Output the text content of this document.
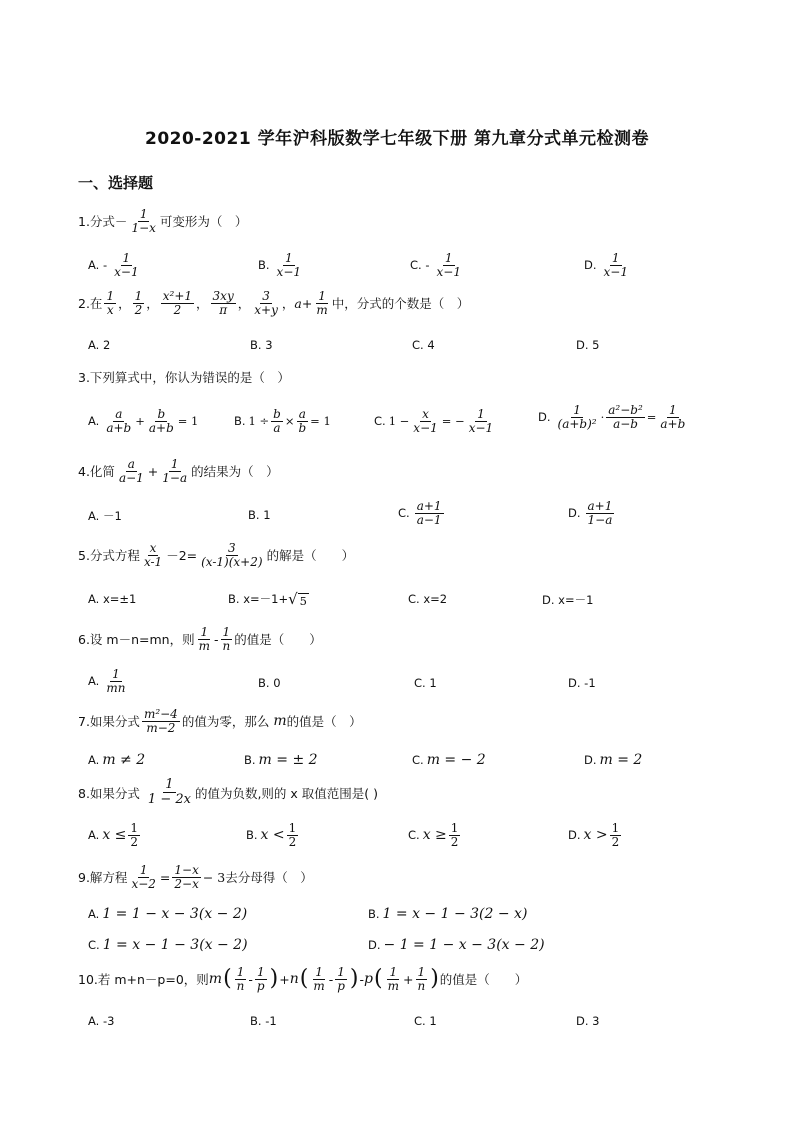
2020-2021 学年沪科版数学七年级下册 第九章分式单元检测卷
一、选择题
1.分式－ $\frac{1}{1-x}$ 可变形为（　）
A. - $\frac{1}{x-1}$	B. $\frac{1}{x-1}$	C. - $\frac{1}{x-1}$	D. $\frac{1}{x-1}$
2.在 $\frac{1}{x}$ ， $\frac{1}{2}$ ， $\frac{\text{x²+1}}{2}$ ， $\frac{3xy}{\pi}$ ， $\frac{3}{x+y}$ ， $a+ \frac{1}{m}$ 中，分式的个数是（　）
A. 2	B. 3	C. 4	D. 5
3.下列算式中，你认为错误的是（　）
A. $\frac{a}{a+b} + \frac{b}{a+b} = 1$	B. $1 \div \frac{b}{a} \times \frac{a}{b} = 1$	C. $1 - \frac{x}{x-1}$ = − $\frac{1}{x-1}$	D. $\frac{1}{\text{(a+b)²}} \cdot \frac{\text{a²−b²}}{a-b} = \frac{1}{a+b}$
4.化简 $\frac{a}{a-1} + \frac{1}{1-a}$ 的结果为（　）
A. －1	B. 1	C. $\frac{a+1}{a-1}$	D. $\frac{a+1}{1-a}$
5.分式方程 $\frac{x}{x-1} -2= \frac{3}{(x-1)(x+2)}$ 的解是（　　）
A. x=±1	B. x=－1+ √ 5	C. x=2	D. x=－1
6.设 m－n=mn，则 $\frac{1}{m} - \frac{1}{n}$ 的值是（　　）
A. $\frac{1}{mn}$	B. 0	C. 1	D. -1
7.如果分式 $\frac{\text{m²−4}}{m-2}$ 的值为零，那么
m 的值是（　）
A. m ≠ 2	B. m = ± 2	C. m = − 2	D. m = 2
8.如果分式
$\frac{1}{1 - 2x}$ 的值为负数,则的 x 取值范围是( )
A. $x \le \frac{1}{2}$	B. $x < \frac{1}{2}$	C. $x \ge \frac{1}{2}$	D. $x > \frac{1}{2}$
9.解方程 $\frac{1}{x-2} = \frac{1-x}{2-x} - 3$ 去分母得（　）
A. 1 = 1 − x − 3(x − 2)	B. 1 = x − 1 − 3(2 − x)
C. 1 = x − 1 − 3(x − 2)	D. − 1 = 1 − x − 3(x − 2)
10.若 m+n－p=0，则 m ( $\frac{1}{n} - \frac{1}{p}$ ) + n ( $\frac{1}{m} - \frac{1}{p}$ ) - p ( $\frac{1}{m} + \frac{1}{n}$ ) 的值是（　　）
A. -3	B. -1	C. 1	D. 3
